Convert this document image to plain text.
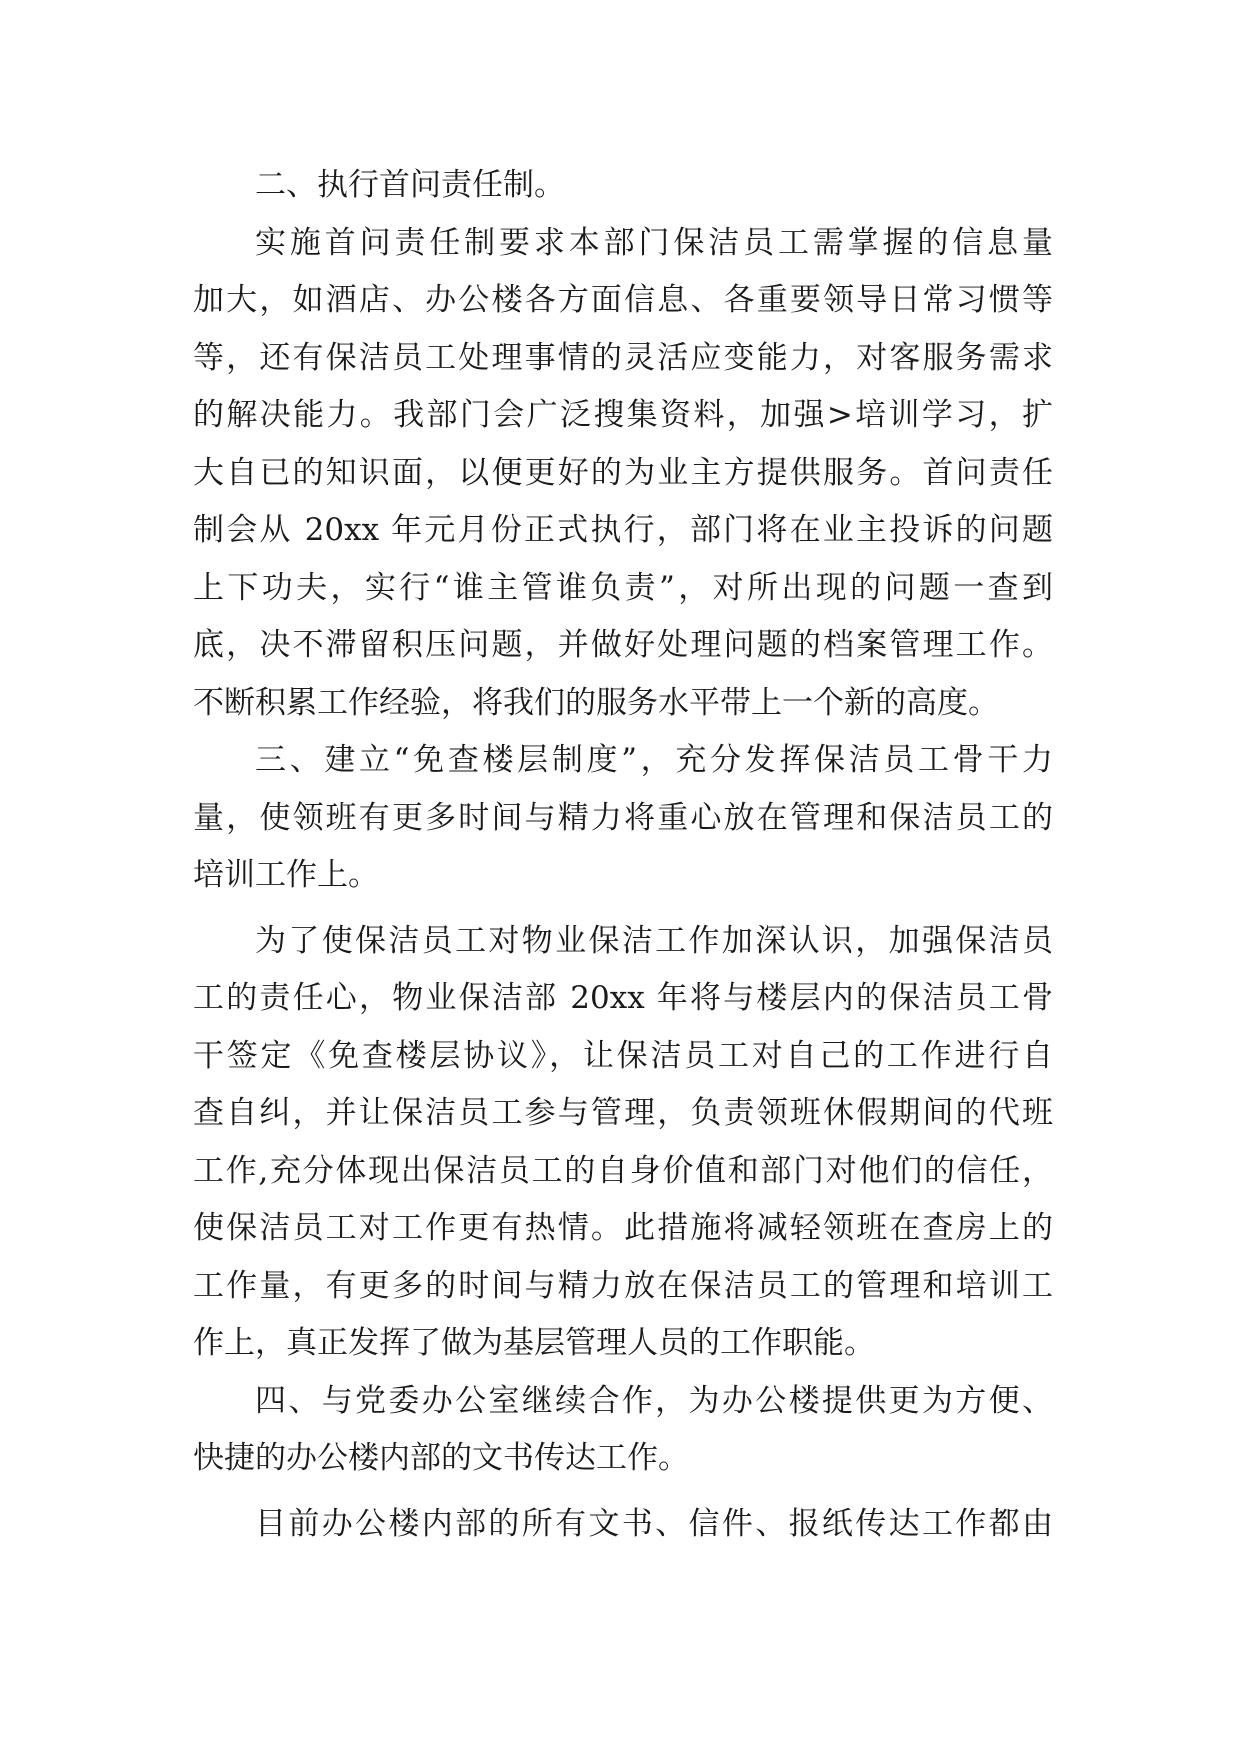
二、执行首问责任制。
实施首问责任制要求本部门保洁员工需掌握的信息量
加大，如酒店、办公楼各方面信息、各重要领导日常习惯等
等，还有保洁员工处理事情的灵活应变能力，对客服务需求
的解决能力。我部门会广泛搜集资料，加强>培训学习，扩
大自已的知识面，以便更好的为业主方提供服务。首问责任
制会从 20xx 年元月份正式执行，部门将在业主投诉的问题
上下功夫，实行“谁主管谁负责”，对所出现的问题一查到
底，决不滞留积压问题，并做好处理问题的档案管理工作。
不断积累工作经验，将我们的服务水平带上一个新的高度。
三、建立“免查楼层制度”，充分发挥保洁员工骨干力
量，使领班有更多时间与精力将重心放在管理和保洁员工的
培训工作上。
为了使保洁员工对物业保洁工作加深认识，加强保洁员
工的责任心，物业保洁部 20xx 年将与楼层内的保洁员工骨
干签定《免查楼层协议》，让保洁员工对自己的工作进行自
查自纠，并让保洁员工参与管理，负责领班休假期间的代班
工作,充分体现出保洁员工的自身价值和部门对他们的信任，
使保洁员工对工作更有热情。此措施将减轻领班在查房上的
工作量，有更多的时间与精力放在保洁员工的管理和培训工
作上，真正发挥了做为基层管理人员的工作职能。
四、与党委办公室继续合作，为办公楼提供更为方便、
快捷的办公楼内部的文书传达工作。
目前办公楼内部的所有文书、信件、报纸传达工作都由
